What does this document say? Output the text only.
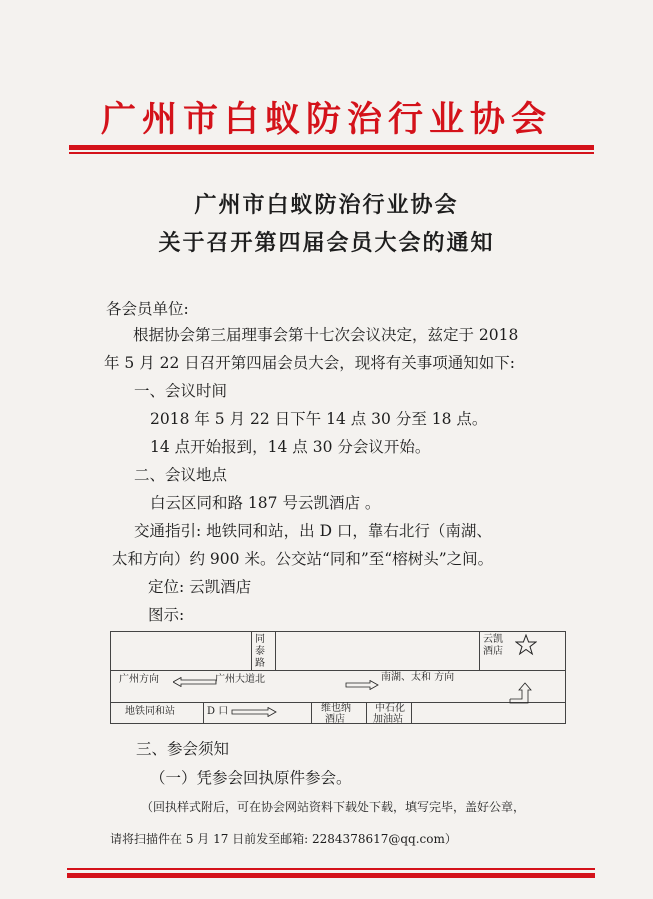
广州市白蚁防治行业协会
广州市白蚁防治行业协会
关于召开第四届会员大会的通知
各会员单位:
根据协会第三届理事会第十七次会议决定，兹定于 2018
年 5 月 22 日召开第四届会员大会，现将有关事项通知如下:
一、会议时间
2018 年 5 月 22 日下午 14 点 30 分至 18 点。
14 点开始报到，14 点 30 分会议开始。
二、会议地点
白云区同和路 187 号云凯酒店 。
交通指引: 地铁同和站，出 D 口，靠右北行（南湖、
太和方向）约 900 米。公交站“同和”至“榕树头”之间。
定位: 云凯酒店
图示:
同
泰
路
云凯
酒店
广州方向	广州大道北	南湖、太和 方向
地铁同和站	D 口	维也纳
酒店
中石化
加油站
三、参会须知
（一）凭参会回执原件参会。
（回执样式附后，可在协会网站资料下载处下载，填写完毕，盖好公章，
请将扫描件在 5 月 17 日前发至邮箱: 2284378617@qq.com）
